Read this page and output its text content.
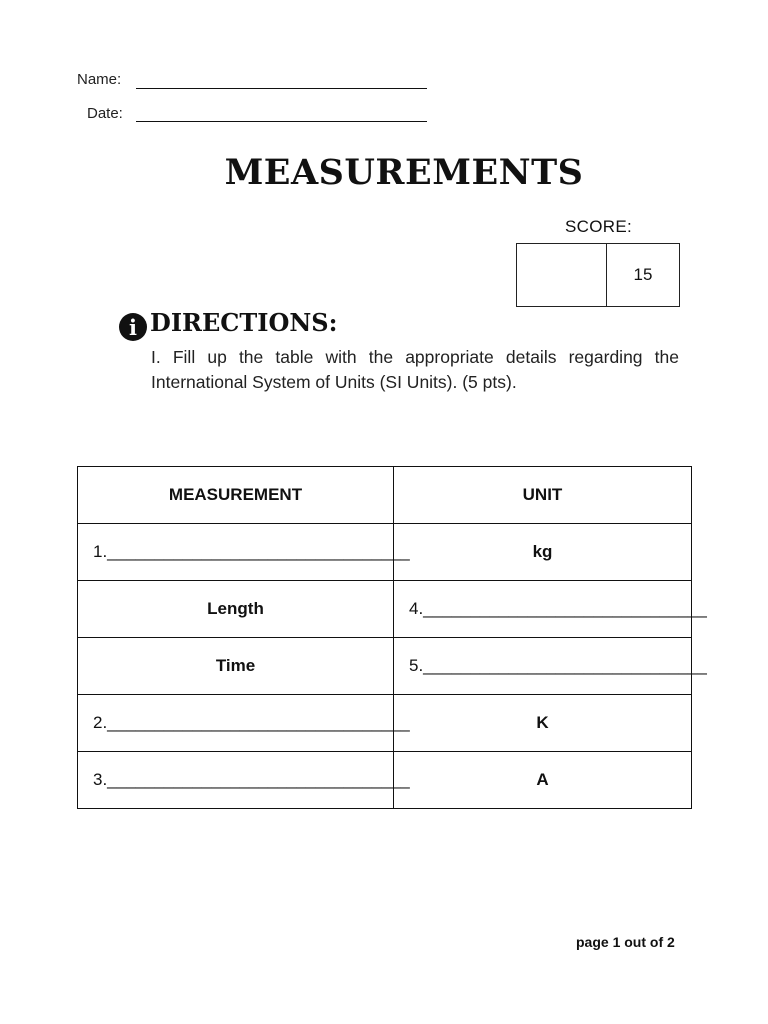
Name:
Date:
MEASUREMENTS
SCORE:
15
i DIRECTIONS:
I. Fill up the table with the appropriate details regarding the International System of Units (SI Units). (5 pts).
MEASUREMENT	UNIT
1.________________________________	kg
Length	4.______________________________
Time	5.______________________________
2.________________________________	K
3.________________________________	A
page 1 out of 2
